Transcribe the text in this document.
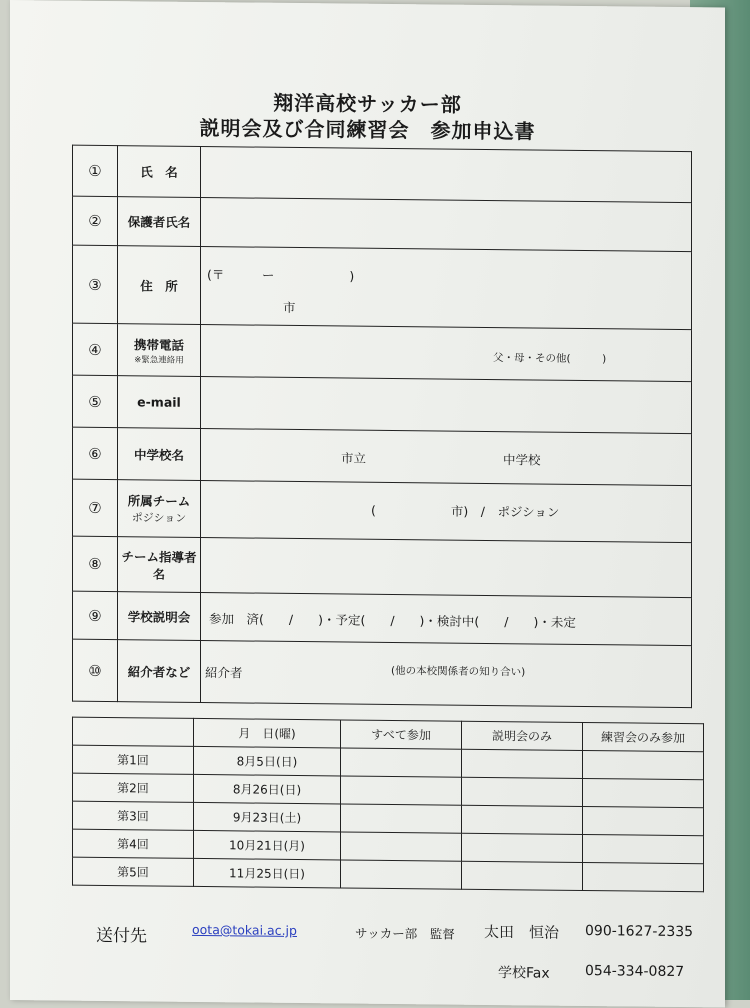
翔洋高校サッカー部
説明会及び合同練習会　参加申込書
①	氏　名	
②	保護者氏名	
③	住　所	(〒　　　ー　　　　　　)
市

④	携帯電話
※緊急連絡用	父・母・その他(　　　)

⑤	e-mail	
⑥	中学校名	市立 中学校

⑦	所属チーム
ポジション	(　　　　　　市)　/　ポジション

⑧	チーム指導者
名	

⑨	学校説明会	参加　済(　　/　　)・予定(　　/　　)・検討中(　　/　　)・未定

⑩	紹介者など	紹介者 (他の本校関係者の知り合い)
	月　日(曜)	すべて参加	説明会のみ	練習会のみ参加
第1回	8月5日(日)			
第2回	8月26日(日)			
第3回	9月23日(土)			
第4回	10月21日(月)			
第5回	11月25日(日)			
送付先	oota@tokai.ac.jp	サッカー部　監督 太田　恒治 090-1627-2335
学校Fax	054-334-0827
